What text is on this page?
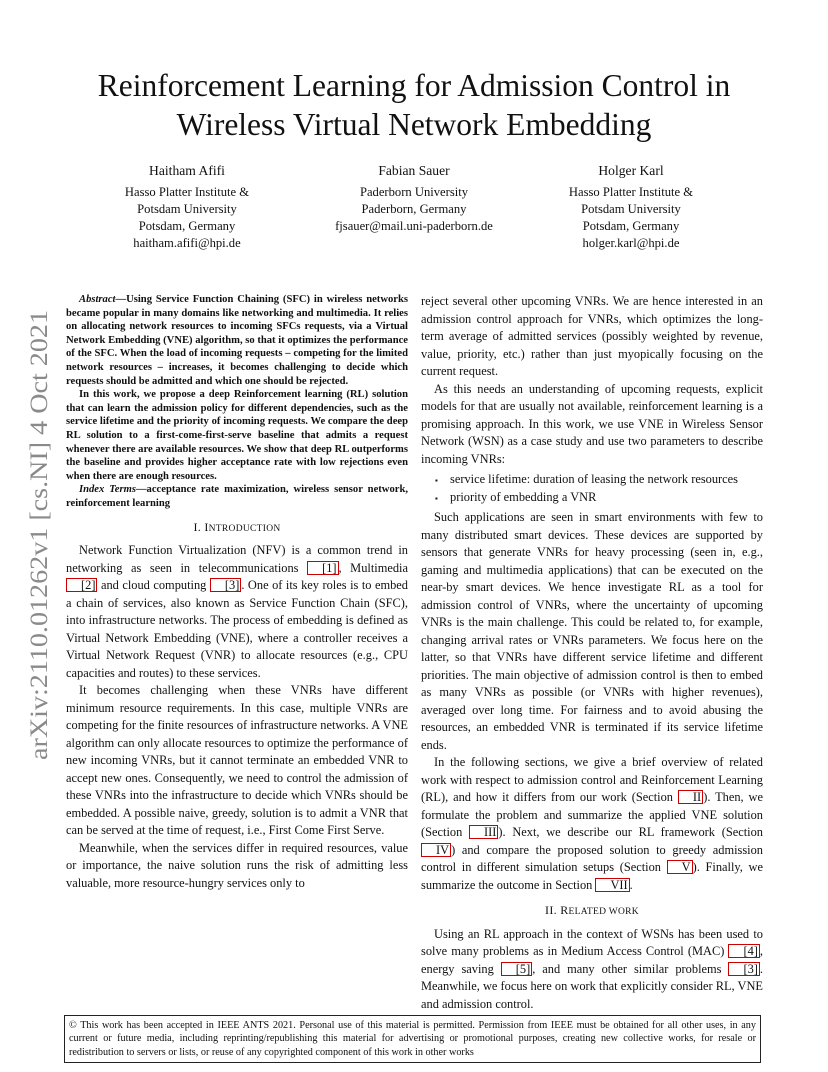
arXiv:2110.01262v1 [cs.NI] 4 Oct 2021
Reinforcement Learning for Admission Control in
Wireless Virtual Network Embedding
Haitham Afifi
Hasso Platter Institute &
Potsdam University
Potsdam, Germany
haitham.afifi@hpi.de
Fabian Sauer
Paderborn University
Paderborn, Germany
fjsauer@mail.uni-paderborn.de
Holger Karl
Hasso Platter Institute &
Potsdam University
Potsdam, Germany
holger.karl@hpi.de

Abstract—Using Service Function Chaining (SFC) in wireless networks became popular in many domains like networking and multimedia. It relies on allocating network resources to incoming SFCs requests, via a Virtual Network Embedding (VNE) algorithm, so that it optimizes the performance of the SFC. When the load of incoming requests – competing for the limited network resources – increases, it becomes challenging to decide which requests should be admitted and which one should be rejected.

In this work, we propose a deep Reinforcement learning (RL) solution that can learn the admission policy for different dependencies, such as the service lifetime and the priority of incoming requests. We compare the deep RL solution to a first-come-first-serve baseline that admits a request whenever there are available resources. We show that deep RL outperforms the baseline and provides higher acceptance rate with low rejections even when there are enough resources.

Index Terms—acceptance rate maximization, wireless sensor network, reinforcement learning

I. INTRODUCTION

Network Function Virtualization (NFV) is a common trend in networking as seen in telecommunications [1] , Multimedia [2] and cloud computing [3] . One of its key roles is to embed a chain of services, also known as Service Function Chain (SFC), into infrastructure networks. The process of embedding is defined as Virtual Network Embedding (VNE), where a controller receives a Virtual Network Request (VNR) to allocate resources (e.g., CPU capacities and routes) to these services.

It becomes challenging when these VNRs have different minimum resource requirements. In this case, multiple VNRs are competing for the finite resources of infrastructure networks. A VNE algorithm can only allocate resources to optimize the performance of new incoming VNRs, but it cannot terminate an embedded VNR to accept new ones. Consequently, we need to control the admission of these VNRs into the infrastructure to decide which VNRs should be embedded. A possible naive, greedy, solution is to admit a VNR that can be served at the time of request, i.e., First Come First Serve.

Meanwhile, when the services differ in required resources, value or importance, the naive solution runs the risk of admitting less valuable, more resource-hungry services only to

reject several other upcoming VNRs. We are hence interested in an admission control approach for VNRs, which optimizes the long-term average of admitted services (possibly weighted by revenue, value, priority, etc.) rather than just myopically focusing on the current request.

As this needs an understanding of upcoming requests, explicit models for that are usually not available, reinforcement learning is a promising approach. In this work, we use VNE in Wireless Sensor Network (WSN) as a case study and use two parameters to describe incoming VNRs:

▪ service lifetime: duration of leasing the network resources
▪ priority of embedding a VNR

Such applications are seen in smart environments with few to many distributed smart devices. These devices are supported by sensors that generate VNRs for heavy processing (seen in, e.g., gaming and multimedia applications) that can be executed on the near-by smart devices. We hence investigate RL as a tool for admission control of VNRs, where the uncertainty of upcoming VNRs is the main challenge. This could be related to, for example, changing arrival rates or VNRs parameters. We focus here on the latter, so that VNRs have different service lifetime and different priorities. The main objective of admission control is then to embed as many VNRs as possible (or VNRs with higher revenues), averaged over long time. For fairness and to avoid abusing the resources, an embedded VNR is terminated if its service lifetime ends.

In the following sections, we give a brief overview of related work with respect to admission control and Reinforcement Learning (RL), and how it differs from our work (Section II ). Then, we formulate the problem and summarize the applied VNE solution (Section III ). Next, we describe our RL framework (Section IV ) and compare the proposed solution to greedy admission control in different simulation setups (Section V ). Finally, we summarize the outcome in Section VII .

II. RELATED WORK

Using an RL approach in the context of WSNs has been used to solve many problems as in Medium Access Control (MAC) [4] , energy saving [5] , and many other similar problems [3] . Meanwhile, we focus here on work that explicitly consider RL, VNE and admission control.

© This work has been accepted in IEEE ANTS 2021. Personal use of this material is permitted. Permission from IEEE must be obtained for all other uses, in any current or future media, including reprinting/republishing this material for advertising or promotional purposes, creating new collective works, for resale or redistribution to servers or lists, or reuse of any copyrighted component of this work in other works
